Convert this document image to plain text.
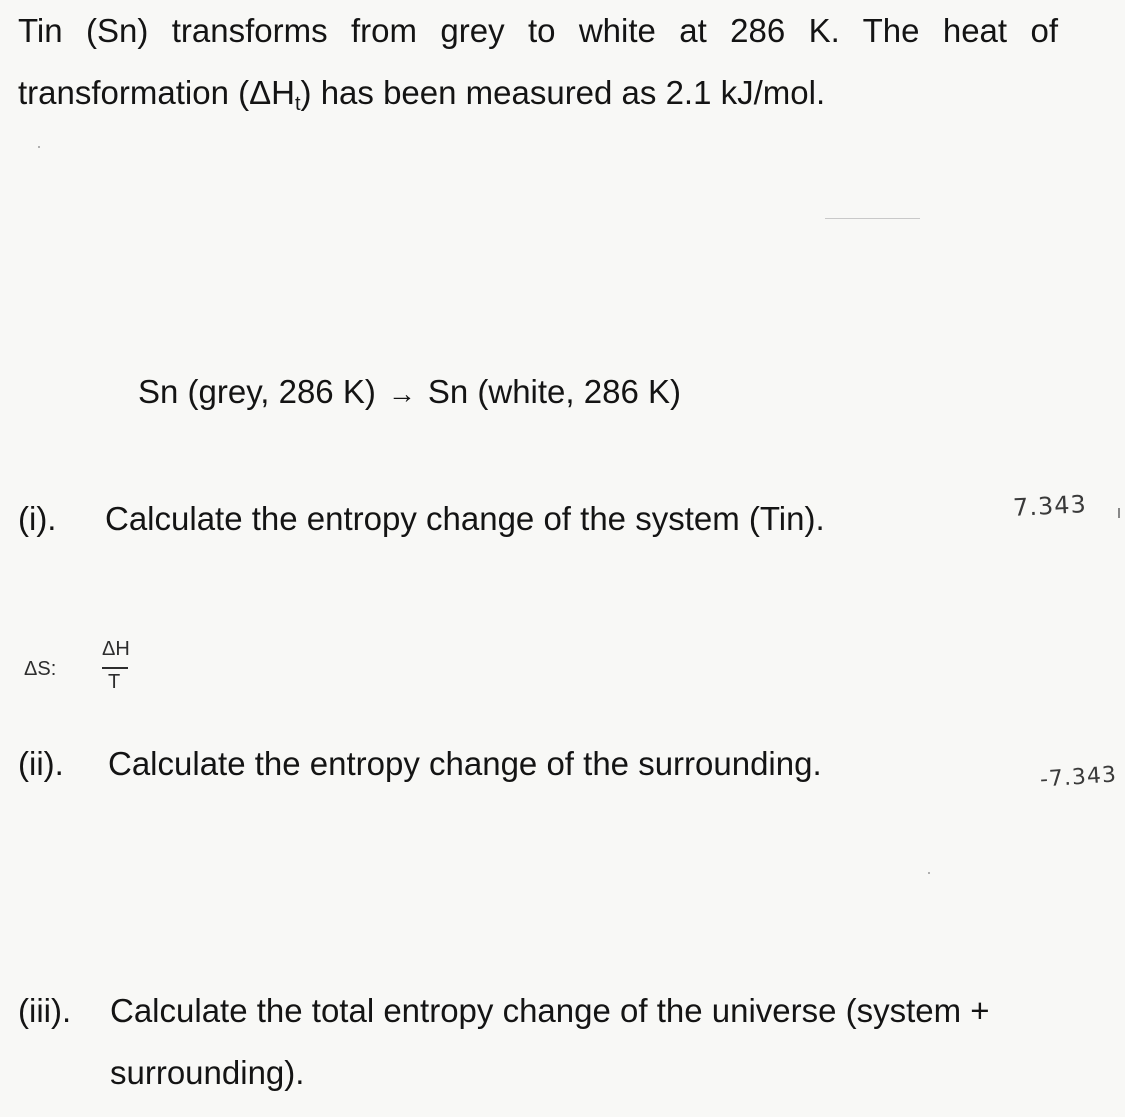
Tin (Sn) transforms from grey to white at 286 K. The heat of
transformation $(\Delta H_t)$ has been measured as 2.1 kJ/mol.

Sn (grey, 286 K) → Sn (white, 286 K)
(i). Calculate the entropy change of the system (Tin).	7.343
ΔS:
ΔH
T
(ii). Calculate the entropy change of the surrounding.	-7.343
(iii). Calculate the total entropy change of the universe (system + surrounding).
